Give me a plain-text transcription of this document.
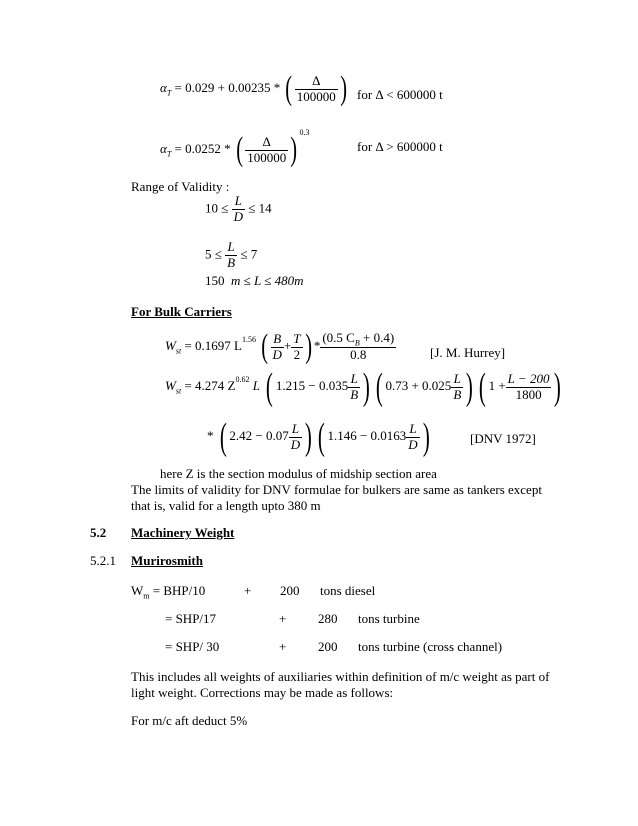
$\alpha_T = 0.029 + 0.00235$ * ( $\frac{\Delta}{100000}$ ) for Δ < 600000 t
$\alpha_T = 0.0252$ * ( $\frac{\Delta}{100000}$ ) $^{0.3}$
for Δ > 600000 t
Range of Validity :
$10 \le \frac{L}{D} \le 14$
$5 \le \frac{L}{B} \le 7$
150 m ≤ L ≤ 480m
For Bulk Carriers
$W_{st} = 0.1697$ $L^{1.56}$ ( $\frac{B}{D} + \frac{T}{2}$ ) * $\frac{(0.5 C_B + 0.4)}{0.8}$	[J. M. Hurrey]
$W_{st} = 4.274$ $Z^{0.62}$ L ( $1.215 - 0.035 \frac{L}{B}$ ) ( $0.73 + 0.025 \frac{L}{B}$ ) ( $1 + \frac{L - 200}{1800}$ )
* ( $2.42 - 0.07 \frac{L}{D}$ ) ( $1.146 - 0.0163 \frac{L}{D}$ )	[DNV 1972]
here Z is the section modulus of midship section area
The limits of validity for DNV formulae for bulkers are same as tankers except
that is, valid for a length upto 380 m
5.2 Machinery Weight
5.2.1 Murirosmith
$W_m = BHP/10$	+ 200 tons diesel
= SHP/17	+ 280 tons turbine
= SHP/ 30	+ 200 tons turbine (cross channel)
This includes all weights of auxiliaries within definition of m/c weight as part of
light weight. Corrections may be made as follows:
For m/c aft deduct 5%
